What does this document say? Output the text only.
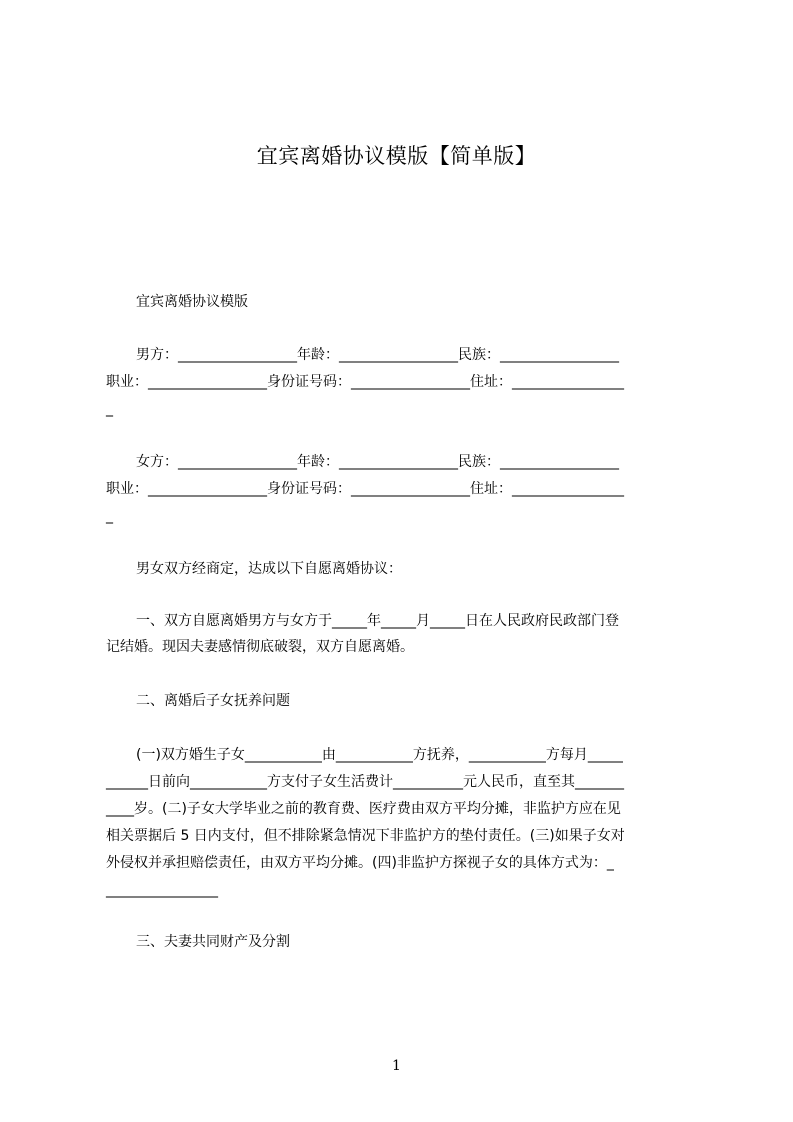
宜宾离婚协议模版【简单版】
宜宾离婚协议模版
男方：_________________年龄：_________________民族：_________________
职业：_________________身份证号码：_________________住址：________________
_
女方：_________________年龄：_________________民族：_________________
职业：_________________身份证号码：_________________住址：________________
_
男女双方经商定，达成以下自愿离婚协议：
一、双方自愿离婚男方与女方于_____年_____月_____日在人民政府民政部门登
记结婚。现因夫妻感情彻底破裂，双方自愿离婚。
二、离婚后子女抚养问题
(一)双方婚生子女___________由___________方抚养，___________方每月_____
______日前向___________方支付子女生活费计__________元人民币，直至其_______
____岁。(二)子女大学毕业之前的教育费、医疗费由双方平均分摊，非监护方应在见
相关票据后 5 日内支付，但不排除紧急情况下非监护方的垫付责任。(三)如果子女对
外侵权并承担赔偿责任，由双方平均分摊。(四)非监护方探视子女的具体方式为：_
________________
三、夫妻共同财产及分割
1
